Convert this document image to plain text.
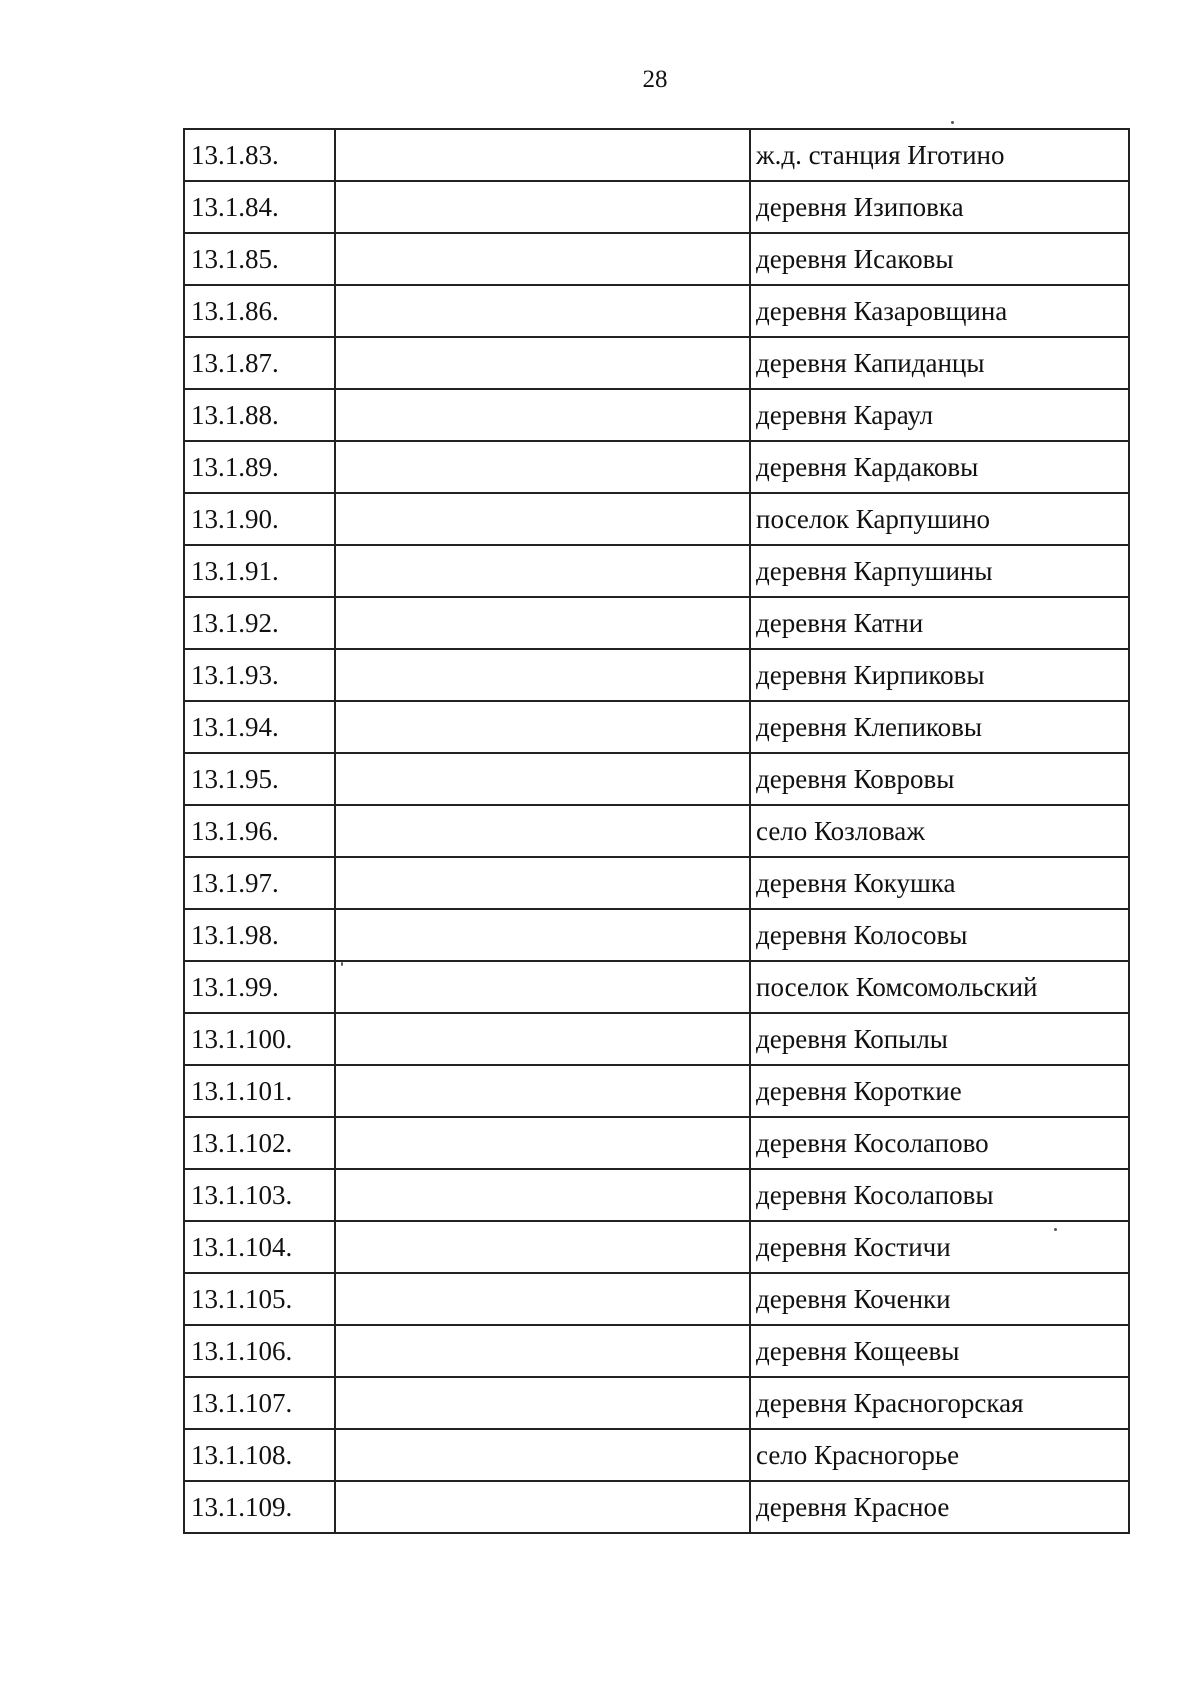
28
13.1.83.		ж.д. станция Иготино
13.1.84.		деревня Изиповка
13.1.85.		деревня Исаковы
13.1.86.		деревня Казаровщина
13.1.87.		деревня Капиданцы
13.1.88.		деревня Караул
13.1.89.		деревня Кардаковы
13.1.90.		поселок Карпушино
13.1.91.		деревня Карпушины
13.1.92.		деревня Катни
13.1.93.		деревня Кирпиковы
13.1.94.		деревня Клепиковы
13.1.95.		деревня Ковровы
13.1.96.		село Козловаж
13.1.97.		деревня Кокушка
13.1.98.		деревня Колосовы
13.1.99.		поселок Комсомольский
13.1.100.		деревня Копылы
13.1.101.		деревня Короткие
13.1.102.		деревня Косолапово
13.1.103.		деревня Косолаповы
13.1.104.		деревня Костичи
13.1.105.		деревня Коченки
13.1.106.		деревня Кощеевы
13.1.107.		деревня Красногорская
13.1.108.		село Красногорье
13.1.109.		деревня Красное
